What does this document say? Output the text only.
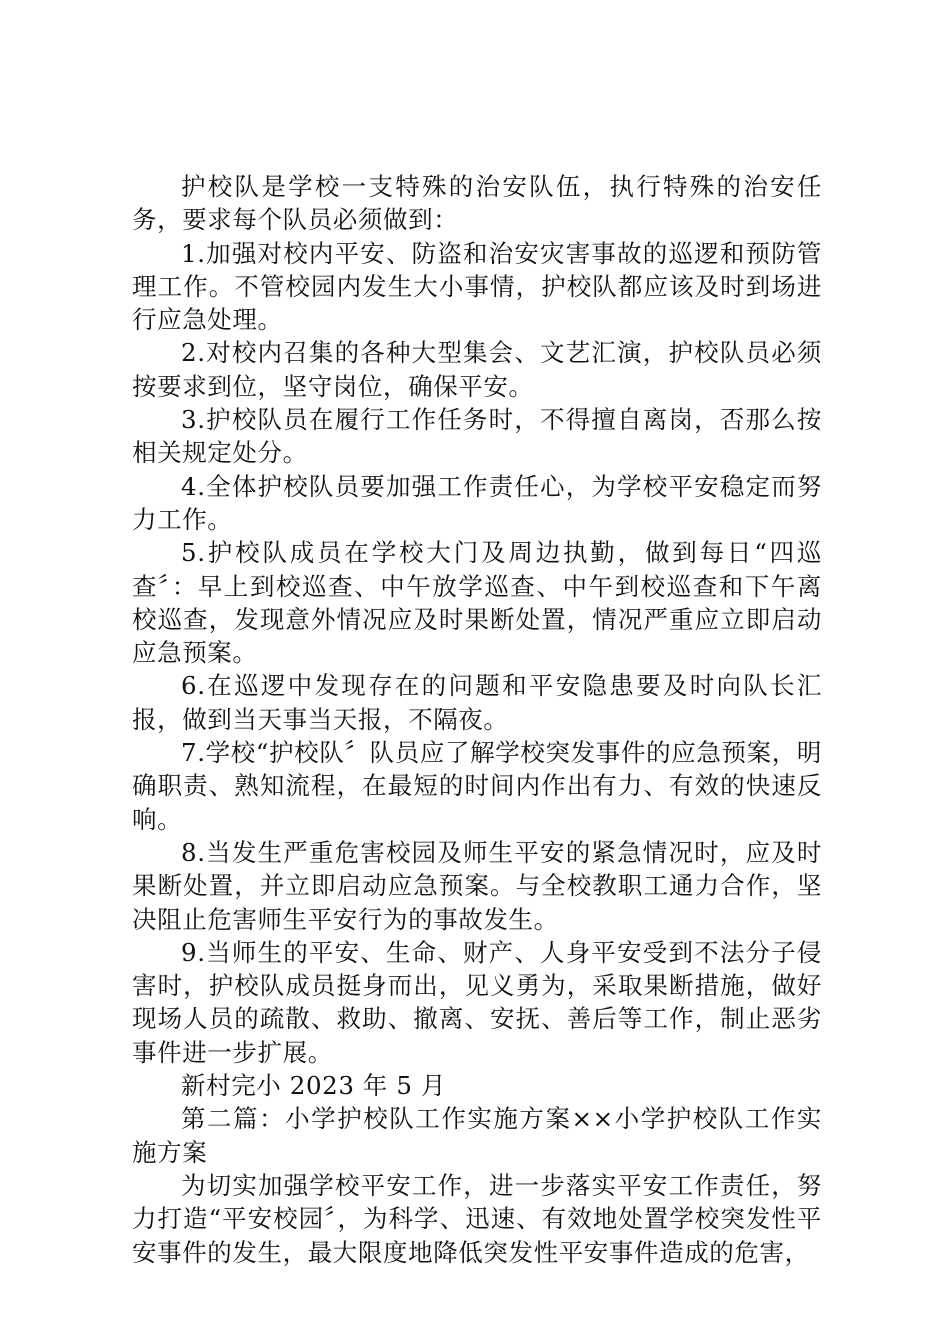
护校队是学校一支特殊的治安队伍，执行特殊的治安任务，要求每个队员必须做到：

1.加强对校内平安、防盗和治安灾害事故的巡逻和预防管理工作。不管校园内发生大小事情，护校队都应该及时到场进行应急处理。

2.对校内召集的各种大型集会、文艺汇演，护校队员必须按要求到位，坚守岗位，确保平安。

3.护校队员在履行工作任务时，不得擅自离岗，否那么按相关规定处分。

4.全体护校队员要加强工作责任心，为学校平安稳定而努力工作。

5.护校队成员在学校大门及周边执勤，做到每日“四巡查〞：早上到校巡查、中午放学巡查、中午到校巡查和下午离校巡查，发现意外情况应及时果断处置，情况严重应立即启动应急预案。

6.在巡逻中发现存在的问题和平安隐患要及时向队长汇报，做到当天事当天报，不隔夜。

7.学校“护校队〞队员应了解学校突发事件的应急预案，明确职责、熟知流程，在最短的时间内作出有力、有效的快速反响。

8.当发生严重危害校园及师生平安的紧急情况时，应及时果断处置，并立即启动应急预案。与全校教职工通力合作，坚决阻止危害师生平安行为的事故发生。

9.当师生的平安、生命、财产、人身平安受到不法分子侵害时，护校队成员挺身而出，见义勇为，采取果断措施，做好现场人员的疏散、救助、撤离、安抚、善后等工作，制止恶劣事件进一步扩展。

新村完小 2023 年 5 月

第二篇：小学护校队工作实施方案××小学护校队工作实施方案

为切实加强学校平安工作，进一步落实平安工作责任，努力打造“平安校园〞，为科学、迅速、有效地处置学校突发性平安事件的发生，最大限度地降低突发性平安事件造成的危害，
